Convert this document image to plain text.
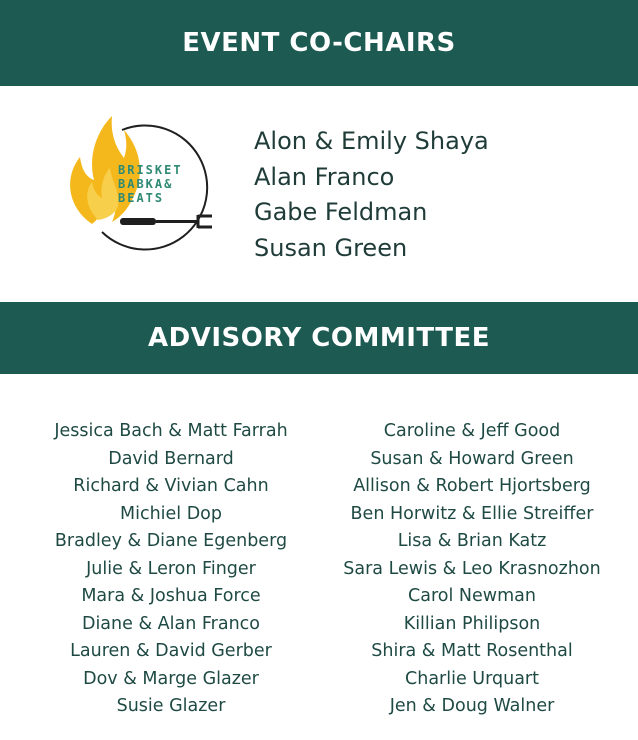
EVENT CO-CHAIRS
BRISKET
BABKA&
BEATS
Alon & Emily Shaya
Alan Franco
Gabe Feldman
Susan Green
ADVISORY COMMITTEE
Jessica Bach & Matt Farrah
David Bernard
Richard & Vivian Cahn
Michiel Dop
Bradley & Diane Egenberg
Julie & Leron Finger
Mara & Joshua Force
Diane & Alan Franco
Lauren & David Gerber
Dov & Marge Glazer
Susie Glazer
Caroline & Jeff Good
Susan & Howard Green
Allison & Robert Hjortsberg
Ben Horwitz & Ellie Streiffer
Lisa & Brian Katz
Sara Lewis & Leo Krasnozhon
Carol Newman
Killian Philipson
Shira & Matt Rosenthal
Charlie Urquart
Jen & Doug Walner
